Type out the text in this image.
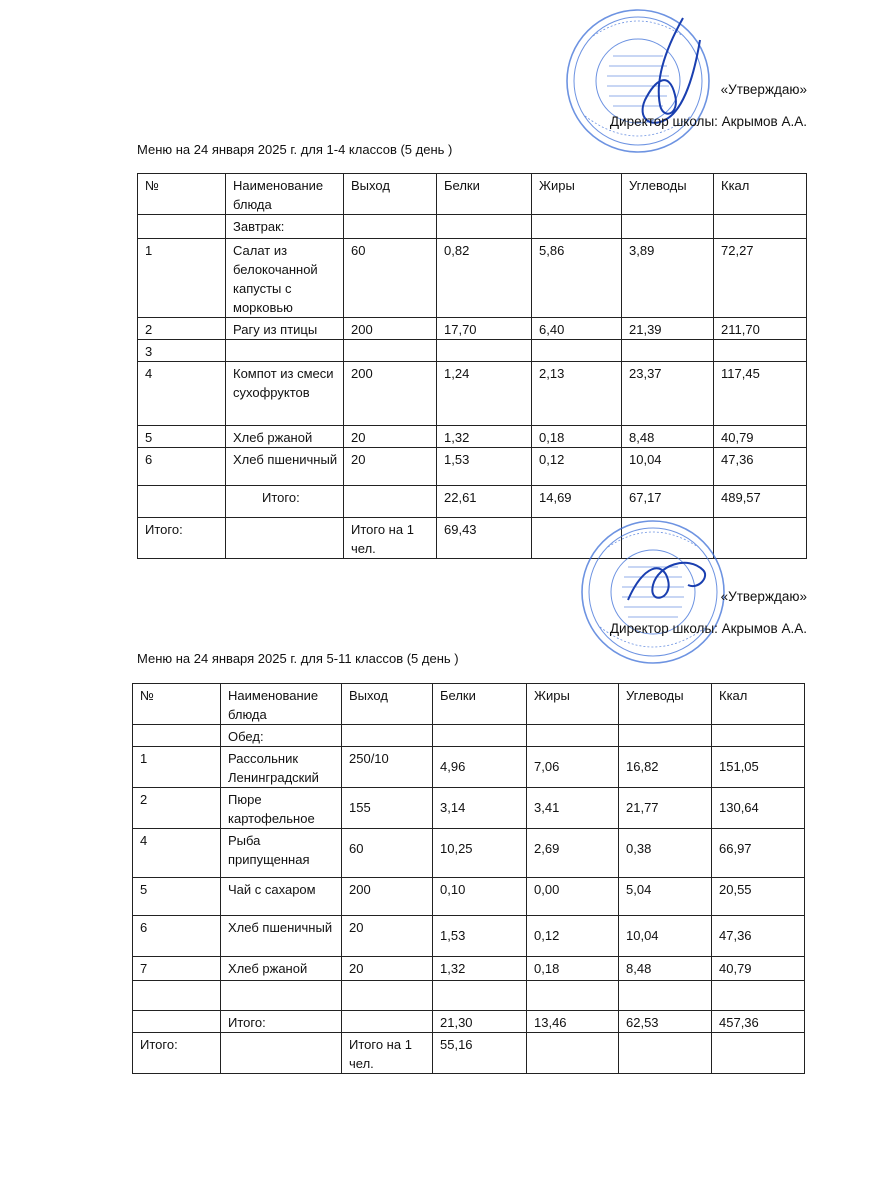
«Утверждаю»
Директор школы: Акрымов А.А.
Меню на 24 января 2025 г. для 1-4 классов (5 день )
№	Наименование блюда	Выход	Белки	Жиры	Углеводы	Ккал
	Завтрак:					
1	Салат из белокочанной капусты с морковью	60	0,82	5,86	3,89	72,27
2	Рагу из птицы	200	17,70	6,40	21,39	211,70
3						
4	Компот из смеси сухофруктов	200	1,24	2,13	23,37	117,45
5	Хлеб ржаной	20	1,32	0,18	8,48	40,79
6	Хлеб пшеничный	20	1,53	0,12	10,04	47,36
	Итого:		22,61	14,69	67,17	489,57
Итого:		Итого на 1 чел.	69,43			
«Утверждаю»
Директор школы: Акрымов А.А.
Меню на 24 января 2025 г. для 5-11 классов (5 день )
№	Наименование блюда	Выход	Белки	Жиры	Углеводы	Ккал
	Обед:					
1	Рассольник Ленинградский	250/10	4,96	7,06	16,82	151,05
2	Пюре картофельное	155	3,14	3,41	21,77	130,64
4	Рыба припущенная	60	10,25	2,69	0,38	66,97
5	Чай с сахаром	200	0,10	0,00	5,04	20,55
6	Хлеб пшеничный	20	1,53	0,12	10,04	47,36
7	Хлеб ржаной	20	1,32	0,18	8,48	40,79

	Итого:		21,30	13,46	62,53	457,36
Итого:		Итого на 1 чел.	55,16			
